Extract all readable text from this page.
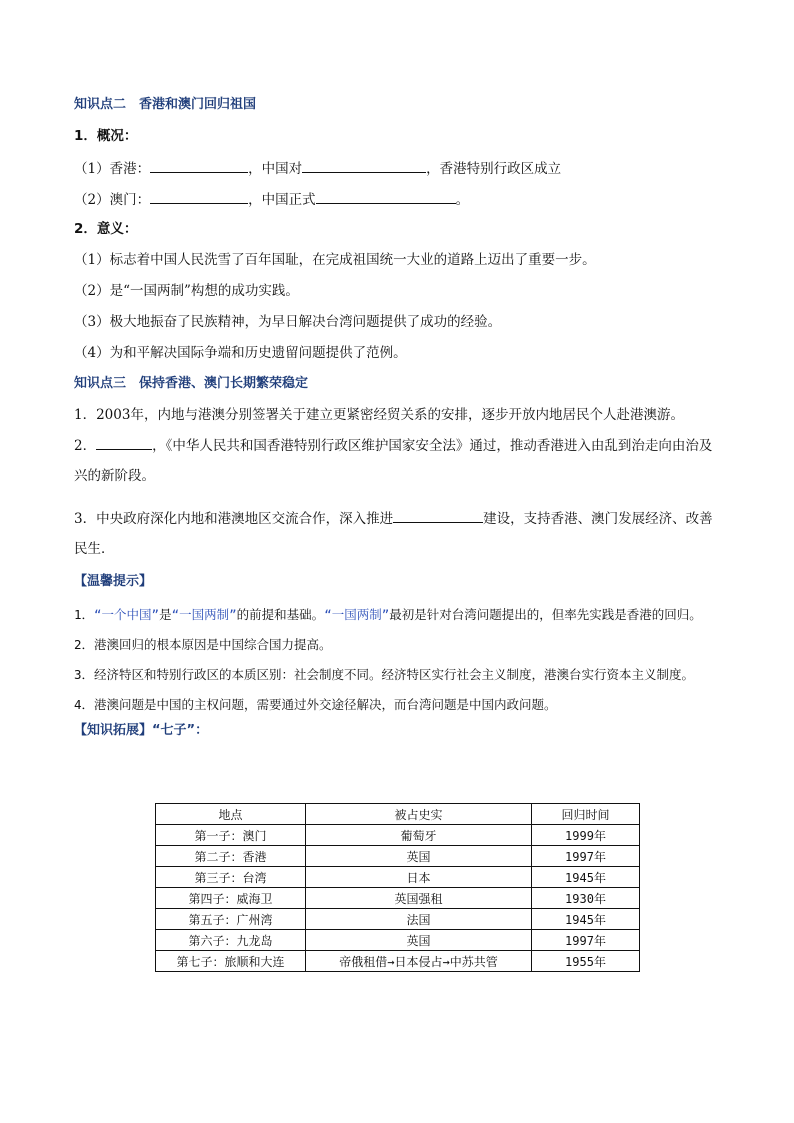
知识点二　香港和澳门回归祖国
1．概况：
（1）香港：	，中国对	，香港特别行政区成立
（2）澳门：	，中国正式	。
2．意义：
（1）标志着中国人民洗雪了百年国耻，在完成祖国统一大业的道路上迈出了重要一步。
（2）是“一国两制”构想的成功实践。
（3）极大地振奋了民族精神，为早日解决台湾问题提供了成功的经验。
（4）为和平解决国际争端和历史遗留问题提供了范例。
知识点三　保持香港、澳门长期繁荣稳定
1．2003年，内地与港澳分别签署关于建立更紧密经贸关系的安排，逐步开放内地居民个人赴港澳游。
2．	，《中华人民共和国香港特别行政区维护国家安全法》通过，推动香港进入由乱到治走向由治及兴的新阶段。
3．中央政府深化内地和港澳地区交流合作，深入推进	建设，支持香港、澳门发展经济、改善民生．
【温馨提示】
1．“一个中国”是“一国两制”的前提和基础。“一国两制”最初是针对台湾问题提出的，但率先实践是香港的回归。
2．港澳回归的根本原因是中国综合国力提高。
3．经济特区和特别行政区的本质区别：社会制度不同。经济特区实行社会主义制度，港澳台实行资本主义制度。
4．港澳问题是中国的主权问题，需要通过外交途径解决，而台湾问题是中国内政问题。
【知识拓展】“七子”：
地点	被占史实	回归时间
第一子：澳门	葡萄牙	1999年
第二子：香港	英国	1997年
第三子：台湾	日本	1945年
第四子：威海卫	英国强租	1930年
第五子：广州湾	法国	1945年
第六子：九龙岛	英国	1997年
第七子：旅顺和大连	帝俄租借→日本侵占→中苏共管	1955年
